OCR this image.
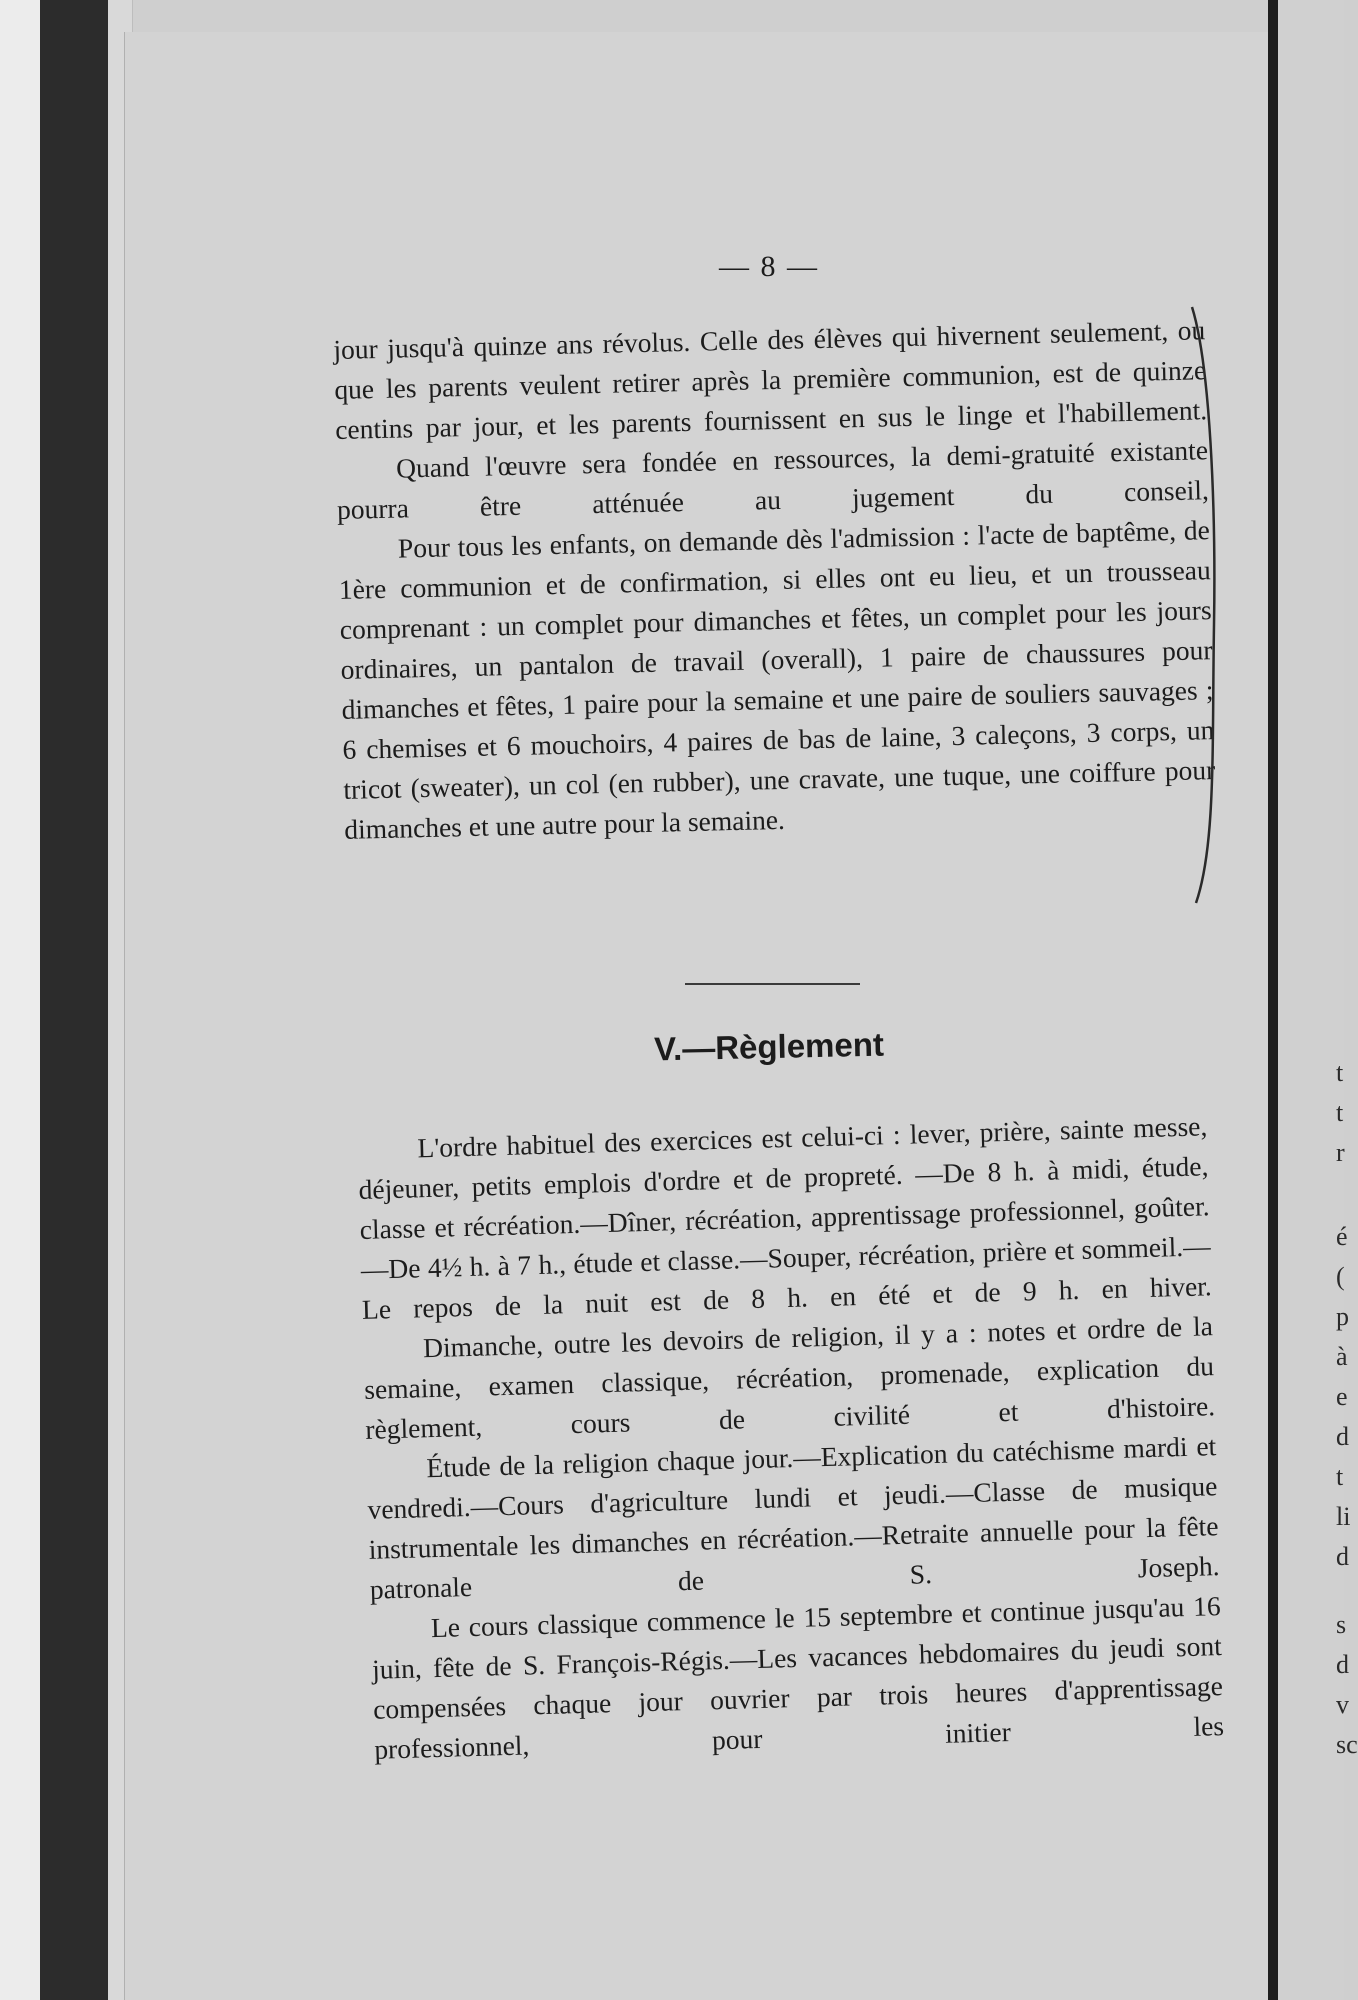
— 8 —

jour jusqu'à quinze ans révolus. Celle des élèves qui hivernent seulement, ou que les parents veulent retirer après la première communion, est de quinze centins par jour, et les parents fournissent en sus le linge et l'habillement.

Quand l'œuvre sera fondée en ressources, la demi-gratuité existante pourra être atténuée au jugement du conseil,

Pour tous les enfants, on demande dès l'admission : l'acte de baptême, de 1ère communion et de confirmation, si elles ont eu lieu, et un trousseau comprenant : un complet pour dimanches et fêtes, un complet pour les jours ordinaires, un pantalon de travail (overall), 1 paire de chaussures pour dimanches et fêtes, 1 paire pour la semaine et une paire de souliers sauvages ; 6 chemises et 6 mouchoirs, 4 paires de bas de laine, 3 caleçons, 3 corps, un tricot (sweater), un col (en rubber), une cravate, une tuque, une coiffure pour dimanches et une autre pour la semaine.

V.—Règlement

L'ordre habituel des exercices est celui-ci : lever, prière, sainte messe, déjeuner, petits emplois d'ordre et de propreté. —De 8 h. à midi, étude, classe et récréation.—Dîner, récréation, apprentissage professionnel, goûter.—De 4½ h. à 7 h., étude et classe.—Souper, récréation, prière et sommeil.—Le repos de la nuit est de 8 h. en été et de 9 h. en hiver.

Dimanche, outre les devoirs de religion, il y a : notes et ordre de la semaine, examen classique, récréation, promenade, explication du règlement, cours de civilité et d'histoire.

Étude de la religion chaque jour.—Explication du catéchisme mardi et vendredi.—Cours d'agriculture lundi et jeudi.—Classe de musique instrumentale les dimanches en récréation.—Retraite annuelle pour la fête patronale de S. Joseph.

Le cours classique commence le 15 septembre et continue jusqu'au 16 juin, fête de S. François-Régis.—Les vacances hebdomaires du jeudi sont compensées chaque jour ouvrier par trois heures d'apprentissage professionnel, pour initier les

t
t
r
é
(
p
à
e
d
t
li
d
s
d
v
sc
